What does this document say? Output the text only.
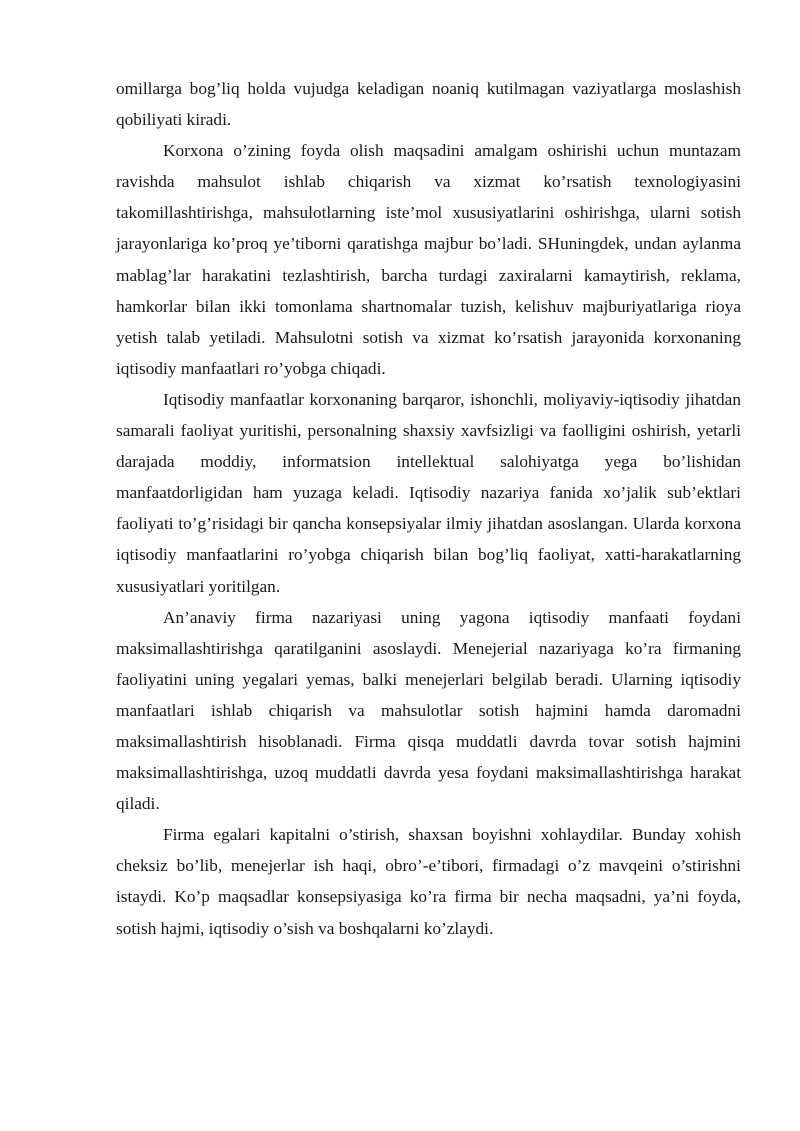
omillarga bog’liq holda vujudga keladigan noaniq kutilmagan vaziyatlarga moslashish qobiliyati kiradi.

Korxona o’zining foyda olish maqsadini amalgam oshirishi uchun muntazam ravishda mahsulot ishlab chiqarish va xizmat ko’rsatish texnologiyasini takomillashtirishga, mahsulotlarning iste’mol xususiyatlarini oshirishga, ularni sotish jarayonlariga ko’proq ye’tiborni qaratishga majbur bo’ladi. SHuningdek, undan aylanma mablag’lar harakatini tezlashtirish, barcha turdagi zaxiralarni kamaytirish, reklama, hamkorlar bilan ikki tomonlama shartnomalar tuzish, kelishuv majburiyatlariga rioya yetish talab yetiladi. Mahsulotni sotish va xizmat ko’rsatish jarayonida korxonaning iqtisodiy manfaatlari ro’yobga chiqadi.

Iqtisodiy manfaatlar korxonaning barqaror, ishonchli, moliyaviy-iqtisodiy jihatdan samarali faoliyat yuritishi, personalning shaxsiy xavfsizligi va faolligini oshirish, yetarli darajada moddiy, informatsion intellektual salohiyatga yega bo’lishidan manfaatdorligidan ham yuzaga keladi. Iqtisodiy nazariya fanida xo’jalik sub’ektlari faoliyati to’g’risidagi bir qancha konsepsiyalar ilmiy jihatdan asoslangan. Ularda korxona iqtisodiy manfaatlarini ro’yobga chiqarish bilan bog’liq faoliyat, xatti-harakatlarning xususiyatlari yoritilgan.

An’anaviy firma nazariyasi uning yagona iqtisodiy manfaati foydani maksimallashtirishga qaratilganini asoslaydi. Menejerial nazariyaga ko’ra firmaning faoliyatini uning yegalari yemas, balki menejerlari belgilab beradi. Ularning iqtisodiy manfaatlari ishlab chiqarish va mahsulotlar sotish hajmini hamda daromadni maksimallashtirish hisoblanadi. Firma qisqa muddatli davrda tovar sotish hajmini maksimallashtirishga, uzoq muddatli davrda yesa foydani maksimallashtirishga harakat qiladi.

Firma egalari kapitalni o’stirish, shaxsan boyishni xohlaydilar. Bunday xohish cheksiz bo’lib, menejerlar ish haqi, obro’-e’tibori, firmadagi o’z mavqeini o’stirishni istaydi. Ko’p maqsadlar konsepsiyasiga ko’ra firma bir necha maqsadni, ya’ni foyda, sotish hajmi, iqtisodiy o’sish va boshqalarni ko’zlaydi.
